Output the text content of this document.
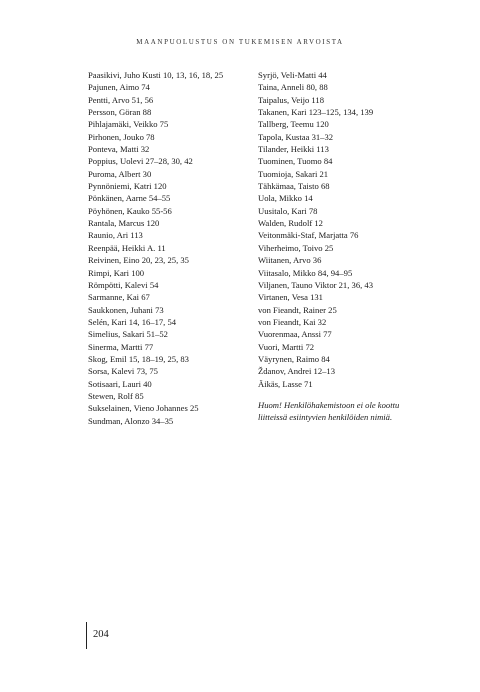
MAANPUOLUSTUS ON TUKEMISEN ARVOISTA
Paasikivi, Juho Kusti 10, 13, 16, 18, 25
Pajunen, Aimo 74
Pentti, Arvo 51, 56
Persson, Göran 88
Pihlajamäki, Veikko 75
Pirhonen, Jouko 78
Ponteva, Matti 32
Poppius, Uolevi 27–28, 30, 42
Puroma, Albert 30
Pynnöniemi, Katri 120
Pönkänen, Aarne 54–55
Pöyhönen, Kauko 55-56
Rantala, Marcus 120
Raunio, Ari 113
Reenpää, Heikki A. 11
Reivinen, Eino 20, 23, 25, 35
Rimpi, Kari 100
Römpötti, Kalevi 54
Sarmanne, Kai 67
Saukkonen, Juhani 73
Selén, Kari 14, 16–17, 54
Simelius, Sakari 51–52
Sinerma, Martti 77
Skog, Emil 15, 18–19, 25, 83
Sorsa, Kalevi 73, 75
Sotisaari, Lauri 40
Stewen, Rolf 85
Sukselainen, Vieno Johannes 25
Sundman, Alonzo 34–35
Syrjö, Veli-Matti 44
Taina, Anneli 80, 88
Taipalus, Veijo 118
Takanen, Kari 123–125, 134, 139
Tallberg, Teemu 120
Tapola, Kustaa 31–32
Tilander, Heikki 113
Tuominen, Tuomo 84
Tuomioja, Sakari 21
Tähkämaa, Taisto 68
Uola, Mikko 14
Uusitalo, Kari 78
Walden, Rudolf 12
Veitonmäki-Staf, Marjatta 76
Viherheimo, Toivo 25
Wiitanen, Arvo 36
Viitasalo, Mikko 84, 94–95
Viljanen, Tauno Viktor 21, 36, 43
Virtanen, Vesa 131
von Fieandt, Rainer 25
von Fieandt, Kai 32
Vuorenmaa, Anssi 77
Vuori, Martti 72
Väyrynen, Raimo 84
Ždanov, Andrei 12–13
Äikäs, Lasse 71

Huom! Henkilöhakemistoon ei ole koottu
liitteissä esiintyvien henkilöiden nimiä.

204
